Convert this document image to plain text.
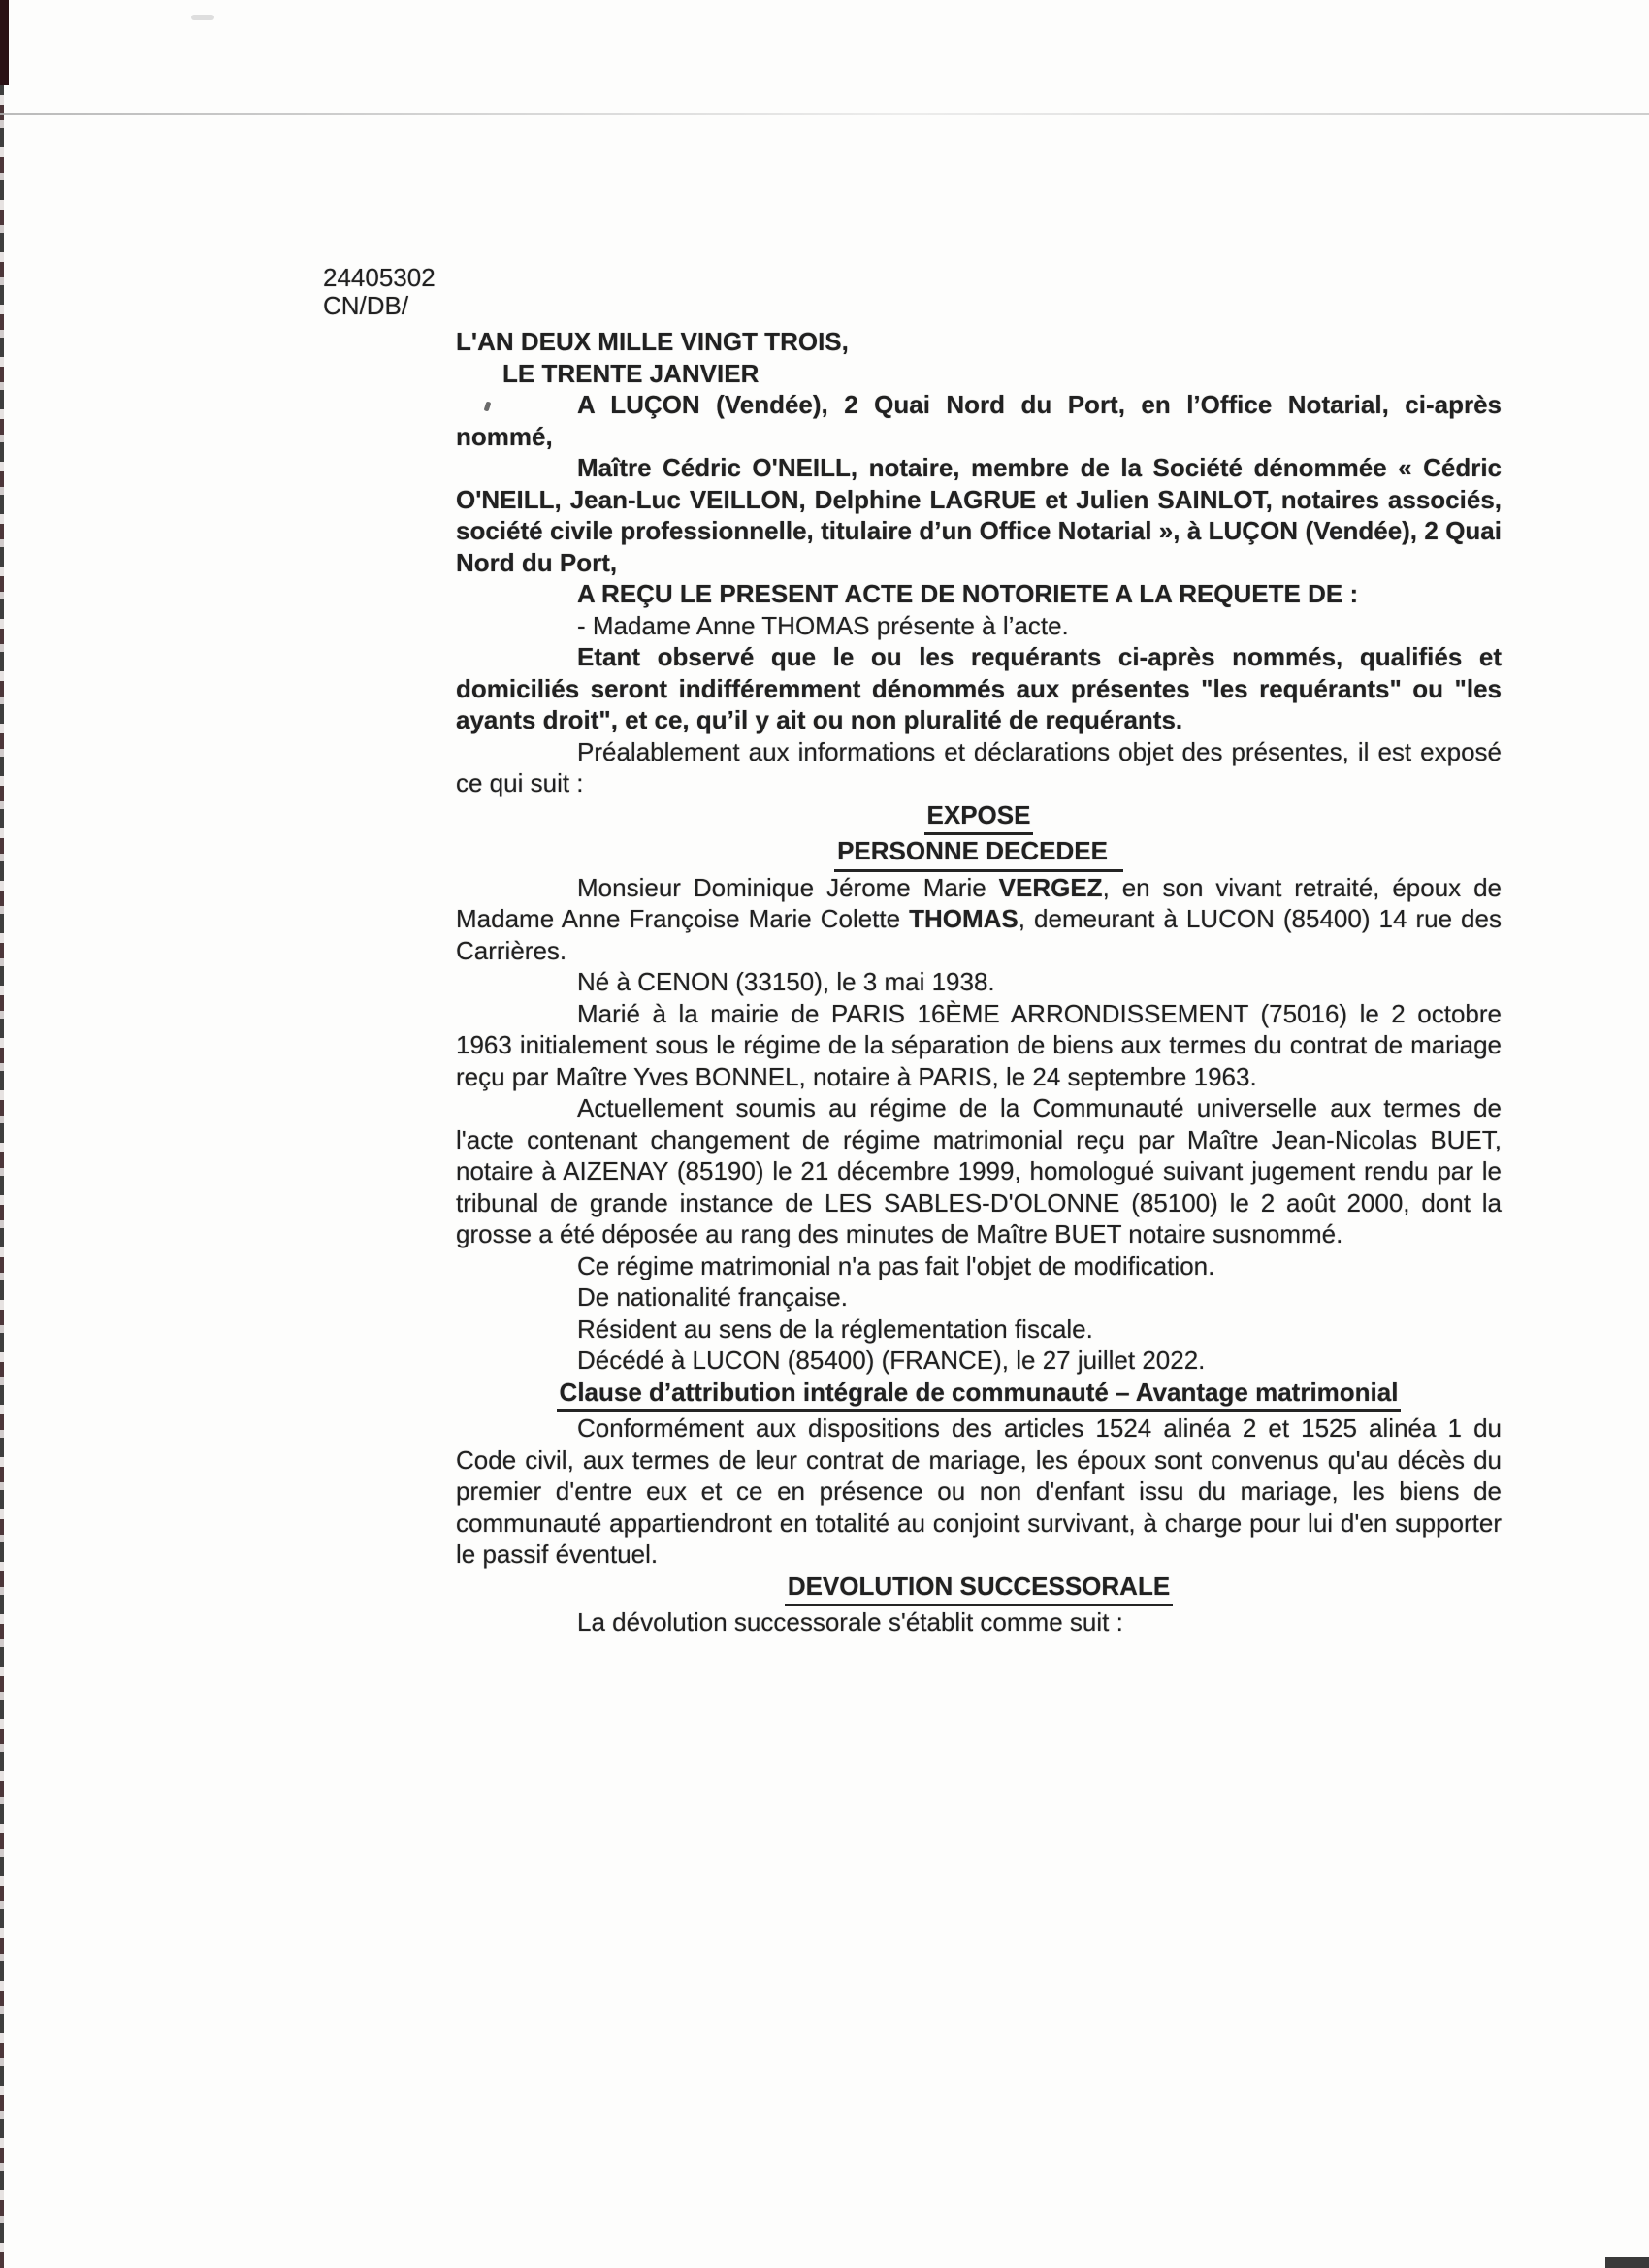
24405302
CN/DB/

L'AN DEUX MILLE VINGT TROIS,

LE TRENTE JANVIER

A LUÇON (Vendée), 2 Quai Nord du Port, en l’Office Notarial, ci-après nommé,

Maître Cédric O'NEILL, notaire, membre de la Société dénommée « Cédric O'NEILL, Jean-Luc VEILLON, Delphine LAGRUE et Julien SAINLOT, notaires associés, société civile professionnelle, titulaire d’un Office Notarial », à LUÇON (Vendée), 2 Quai Nord du Port,

A REÇU LE PRESENT ACTE DE NOTORIETE A LA REQUETE DE :

- Madame Anne THOMAS présente à l’acte.

Etant observé que le ou les requérants ci-après nommés, qualifiés et domiciliés seront indifféremment dénommés aux présentes "les requérants" ou "les ayants droit", et ce, qu’il y ait ou non pluralité de requérants.

Préalablement aux informations et déclarations objet des présentes, il est exposé ce qui suit :

EXPOSE

PERSONNE DECEDEE

Monsieur Dominique Jérome Marie VERGEZ, en son vivant retraité, époux de Madame Anne Françoise Marie Colette THOMAS, demeurant à LUCON (85400) 14 rue des Carrières.

Né à CENON (33150), le 3 mai 1938.

Marié à la mairie de PARIS 16ÈME ARRONDISSEMENT (75016) le 2 octobre 1963 initialement sous le régime de la séparation de biens aux termes du contrat de mariage reçu par Maître Yves BONNEL, notaire à PARIS, le 24 septembre 1963.

Actuellement soumis au régime de la Communauté universelle aux termes de l'acte contenant changement de régime matrimonial reçu par Maître Jean-Nicolas BUET, notaire à AIZENAY (85190) le 21 décembre 1999, homologué suivant jugement rendu par le tribunal de grande instance de LES SABLES-D'OLONNE (85100) le 2 août 2000, dont la grosse a été déposée au rang des minutes de Maître BUET notaire susnommé.

Ce régime matrimonial n'a pas fait l'objet de modification.

De nationalité française.

Résident au sens de la réglementation fiscale.

Décédé à LUCON (85400) (FRANCE), le 27 juillet 2022.

Clause d’attribution intégrale de communauté – Avantage matrimonial

Conformément aux dispositions des articles 1524 alinéa 2 et 1525 alinéa 1 du Code civil, aux termes de leur contrat de mariage, les époux sont convenus qu'au décès du premier d'entre eux et ce en présence ou non d'enfant issu du mariage, les biens de communauté appartiendront en totalité au conjoint survivant, à charge pour lui d'en supporter le passif éventuel.

DEVOLUTION SUCCESSORALE

La dévolution successorale s'établit comme suit :
